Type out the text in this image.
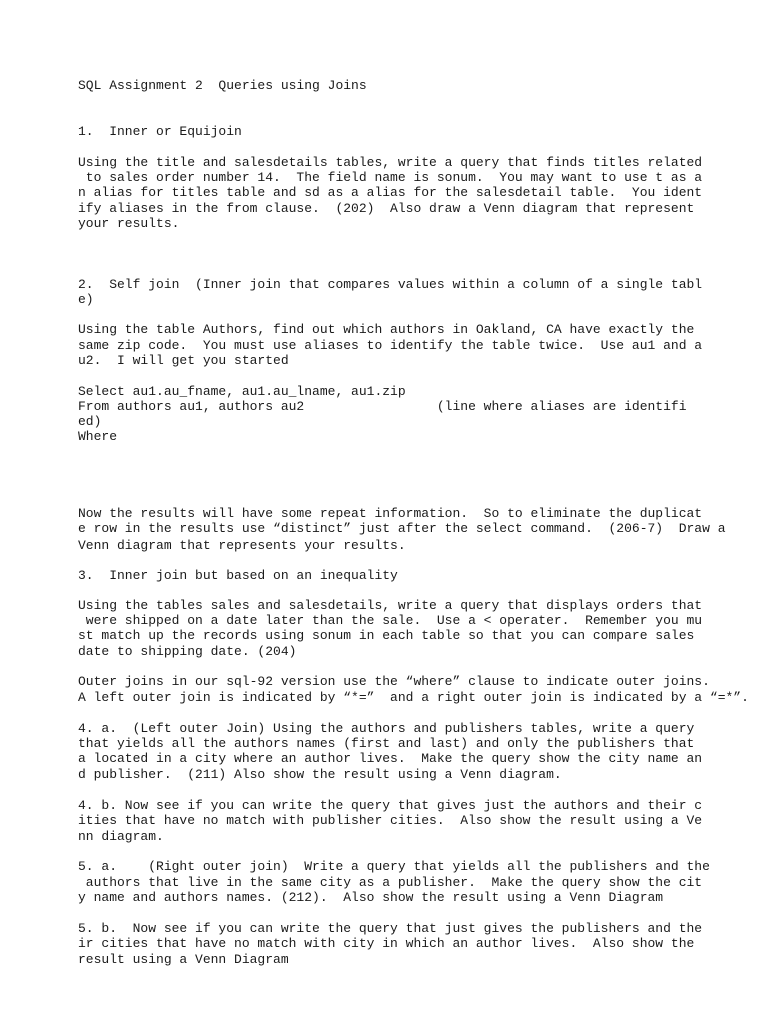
SQL Assignment 2  Queries using Joins

1.  Inner or Equijoin

Using the title and salesdetails tables, write a query that finds titles related

to sales order number 14.  The field name is sonum.  You may want to use t as a

n alias for titles table and sd as a alias for the salesdetail table.  You ident

ify aliases in the from clause.  (202)  Also draw a Venn diagram that represent

your results.

2.  Self join  (Inner join that compares values within a column of a single tabl

e)

Using the table Authors, find out which authors in Oakland, CA have exactly the

same zip code.  You must use aliases to identify the table twice.  Use au1 and a

u2.  I will get you started

Select au1.au_fname, au1.au_lname, au1.zip

From authors au1, authors au2                 (line where aliases are identifi

ed)

Where

Now the results will have some repeat information.  So to eliminate the duplicat

e row in the results use “distinct” just after the select command.  (206-7)  Draw a

Venn diagram that represents your results.

3.  Inner join but based on an inequality

Using the tables sales and salesdetails, write a query that displays orders that

were shipped on a date later than the sale.  Use a < operater.  Remember you mu

st match up the records using sonum in each table so that you can compare sales

date to shipping date. (204)

Outer joins in our sql-92 version use the “where” clause to indicate outer joins.

A left outer join is indicated by “*=”  and a right outer join is indicated by a “=*”.

4. a.  (Left outer Join) Using the authors and publishers tables, write a query

that yields all the authors names (first and last) and only the publishers that

a located in a city where an author lives.  Make the query show the city name an

d publisher.  (211) Also show the result using a Venn diagram.

4. b. Now see if you can write the query that gives just the authors and their c

ities that have no match with publisher cities.  Also show the result using a Ve

nn diagram.

5. a.    (Right outer join)  Write a query that yields all the publishers and the

authors that live in the same city as a publisher.  Make the query show the cit

y name and authors names. (212).  Also show the result using a Venn Diagram

5. b.  Now see if you can write the query that just gives the publishers and the

ir cities that have no match with city in which an author lives.  Also show the

result using a Venn Diagram
